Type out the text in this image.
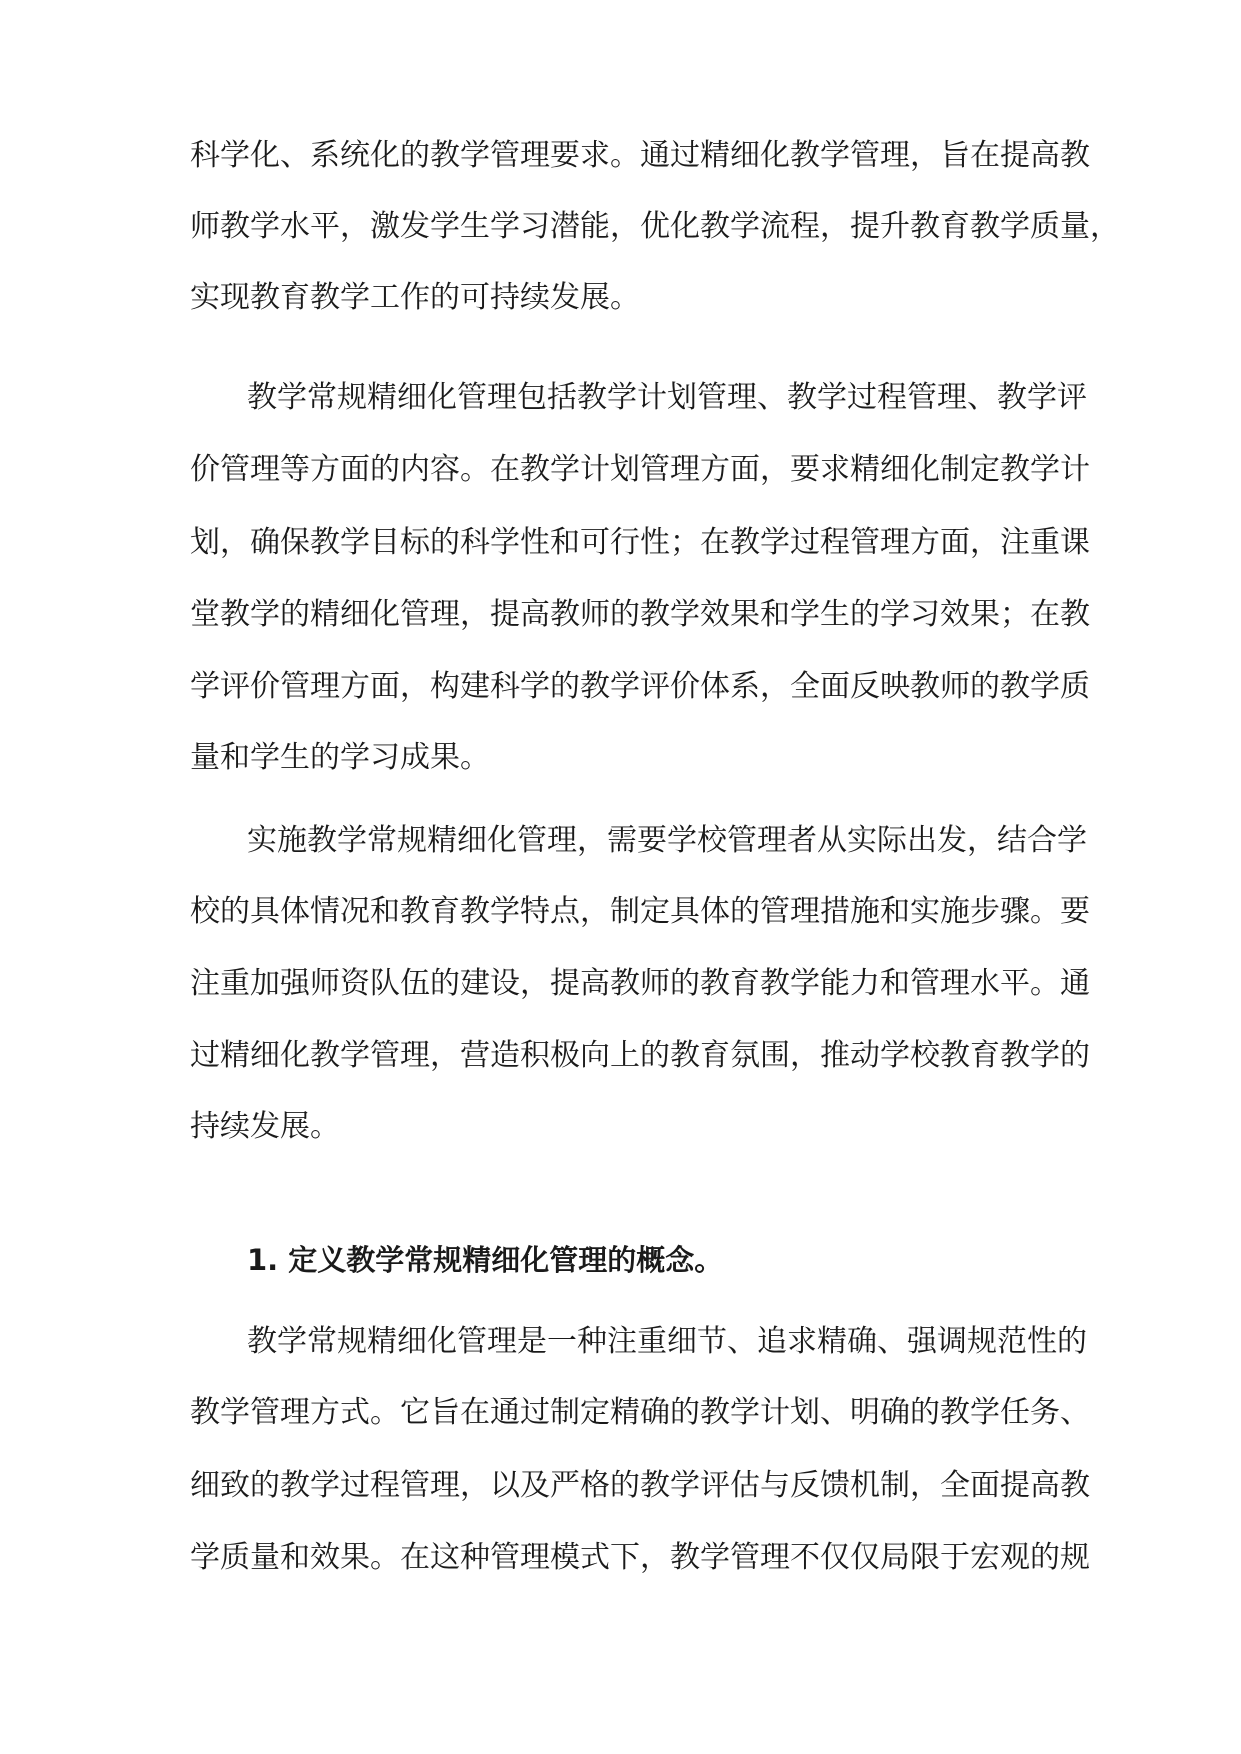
科学化、系统化的教学管理要求。通过精细化教学管理，旨在提高教

师教学水平，激发学生学习潜能，优化教学流程，提升教育教学质量，

实现教育教学工作的可持续发展。

教学常规精细化管理包括教学计划管理、教学过程管理、教学评

价管理等方面的内容。在教学计划管理方面，要求精细化制定教学计

划，确保教学目标的科学性和可行性；在教学过程管理方面，注重课

堂教学的精细化管理，提高教师的教学效果和学生的学习效果；在教

学评价管理方面，构建科学的教学评价体系，全面反映教师的教学质

量和学生的学习成果。

实施教学常规精细化管理，需要学校管理者从实际出发，结合学

校的具体情况和教育教学特点，制定具体的管理措施和实施步骤。要

注重加强师资队伍的建设，提高教师的教育教学能力和管理水平。通

过精细化教学管理，营造积极向上的教育氛围，推动学校教育教学的

持续发展。

1. 定义教学常规精细化管理的概念。

教学常规精细化管理是一种注重细节、追求精确、强调规范性的

教学管理方式。它旨在通过制定精确的教学计划、明确的教学任务、

细致的教学过程管理，以及严格的教学评估与反馈机制，全面提高教

学质量和效果。在这种管理模式下，教学管理不仅仅局限于宏观的规
